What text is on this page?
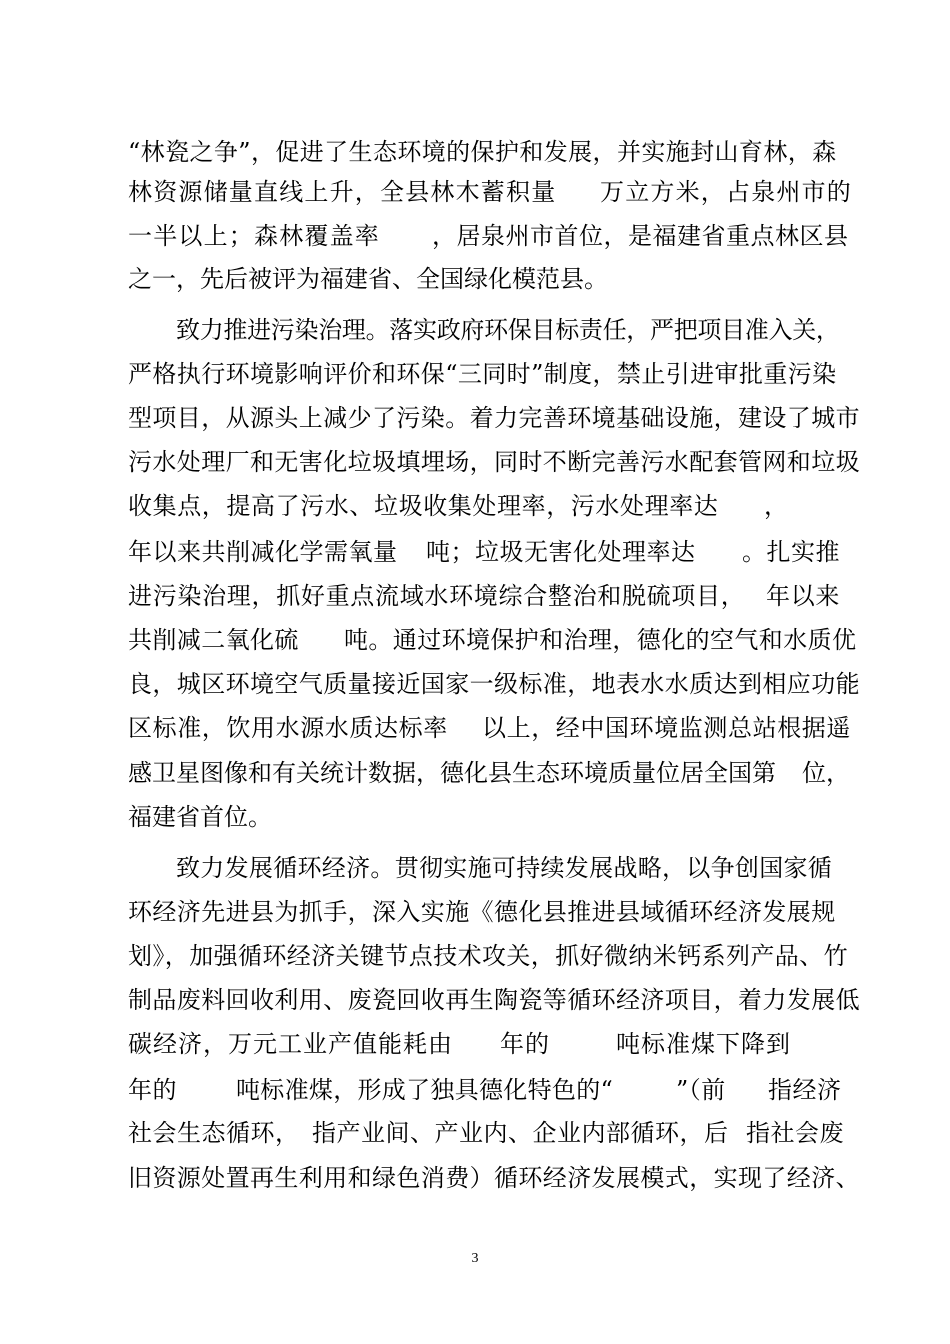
“林瓷之争”，促进了生态环境的保护和发展，并实施封山育林，森

林资源储量直线上升，全县林木蓄积量

万立方米，占泉州市的

一半以上；森林覆盖率

，居泉州市首位，是福建省重点林区县

之一，先后被评为福建省、全国绿化模范县。

致力推进污染治理。落实政府环保目标责任，严把项目准入关，

严格执行环境影响评价和环保“三同时”制度，禁止引进审批重污染

型项目，从源头上减少了污染。着力完善环境基础设施，建设了城市

污水处理厂和无害化垃圾填埋场，同时不断完善污水配套管网和垃圾

收集点，提高了污水、垃圾收集处理率，污水处理率达

，

年以来共削减化学需氧量

吨；垃圾无害化处理率达

。扎实推

进污染治理，抓好重点流域水环境综合整治和脱硫项目，

年以来

共削减二氧化硫

吨。通过环境保护和治理，德化的空气和水质优

良，城区环境空气质量接近国家一级标准，地表水水质达到相应功能

区标准，饮用水源水质达标率

以上，经中国环境监测总站根据遥

感卫星图像和有关统计数据，德化县生态环境质量位居全国第

位，

福建省首位。

致力发展循环经济。贯彻实施可持续发展战略，以争创国家循

环经济先进县为抓手，深入实施《德化县推进县域循环经济发展规

划》，加强循环经济关键节点技术攻关，抓好微纳米钙系列产品、竹

制品废料回收利用、废瓷回收再生陶瓷等循环经济项目，着力发展低

碳经济，万元工业产值能耗由

年的

	吨标准煤下降到

年的

吨标准煤，形成了独具德化特色的“

	”（前

指经济

社会生态循环，

指产业间、产业内、企业内部循环，后

指社会废

旧资源处置再生利用和绿色消费）循环经济发展模式，实现了经济、

3
